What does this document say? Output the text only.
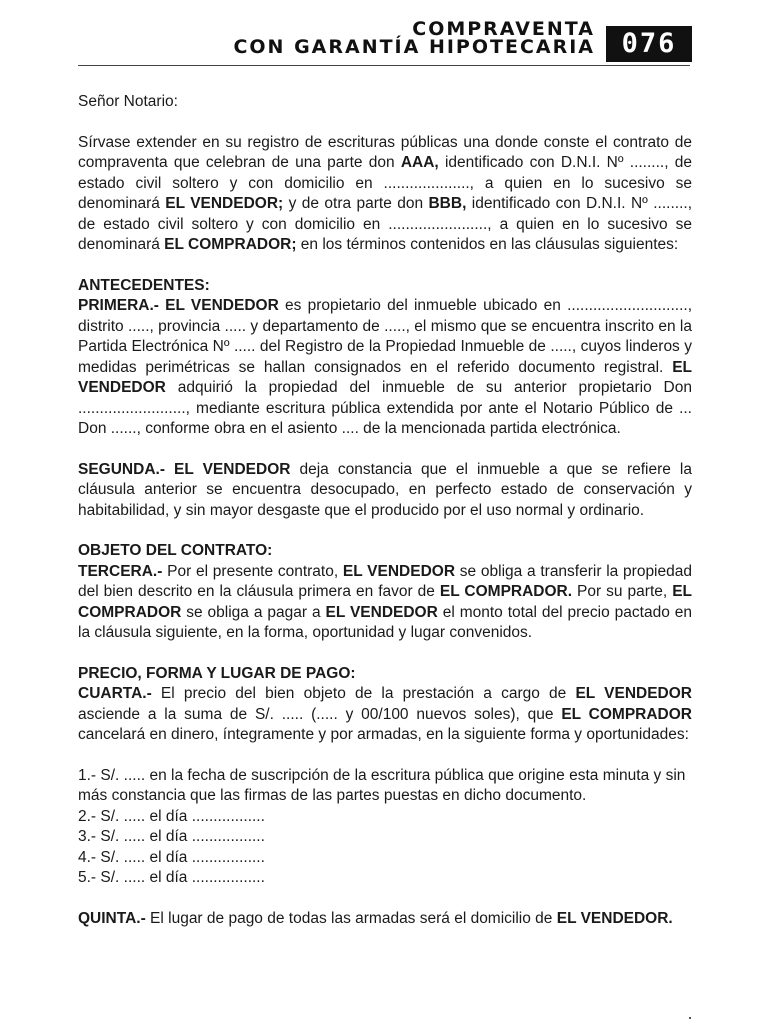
COMPRAVENTA
CON GARANTÍA HIPOTECARIA 076

Señor Notario:

Sírvase extender en su registro de escrituras públicas una donde conste el contrato de compraventa que celebran de una parte don AAA, identificado con D.N.I. Nº ........, de estado civil soltero y con domicilio en ...................., a quien en lo sucesivo se denominará EL VENDEDOR; y de otra parte don BBB, identificado con D.N.I. Nº ........, de estado civil soltero y con domicilio en ......................., a quien en lo sucesivo se denominará EL COMPRADOR; en los términos contenidos en las cláusulas siguientes:

ANTECEDENTES:

PRIMERA.- EL VENDEDOR es propietario del inmueble ubicado en ............................, distrito ....., provincia ..... y departamento de ....., el mismo que se encuentra inscrito en la Partida Electrónica Nº ..... del Registro de la Propiedad Inmueble de ....., cuyos linderos y medidas perimétricas se hallan consignados en el referido documento registral. EL VENDEDOR adquirió la propiedad del inmueble de su anterior propietario Don ........................., mediante escritura pública extendida por ante el Notario Público de ... Don ......, conforme obra en el asiento .... de la mencionada partida electrónica.

SEGUNDA.- EL VENDEDOR deja constancia que el inmueble a que se refiere la cláusula anterior se encuentra desocupado, en perfecto estado de conservación y habitabilidad, y sin mayor desgaste que el producido por el uso normal y ordinario.

OBJETO DEL CONTRATO:

TERCERA.- Por el presente contrato, EL VENDEDOR se obliga a transferir la propiedad del bien descrito en la cláusula primera en favor de EL COMPRADOR. Por su parte, EL COMPRADOR se obliga a pagar a EL VENDEDOR el monto total del precio pactado en la cláusula siguiente, en la forma, oportunidad y lugar convenidos.

PRECIO, FORMA Y LUGAR DE PAGO:

CUARTA.- El precio del bien objeto de la prestación a cargo de EL VENDEDOR asciende a la suma de S/. ..... (..... y 00/100 nuevos soles), que EL COMPRADOR cancelará en dinero, íntegramente y por armadas, en la siguiente forma y oportunidades:

1.- S/. ..... en la fecha de suscripción de la escritura pública que origine esta minuta y sin más constancia que las firmas de las partes puestas en dicho documento.

2.- S/. ..... el día .................

3.- S/. ..... el día .................

4.- S/. ..... el día .................

5.- S/. ..... el día .................

QUINTA.- El lugar de pago de todas las armadas será el domicilio de EL VENDEDOR.
